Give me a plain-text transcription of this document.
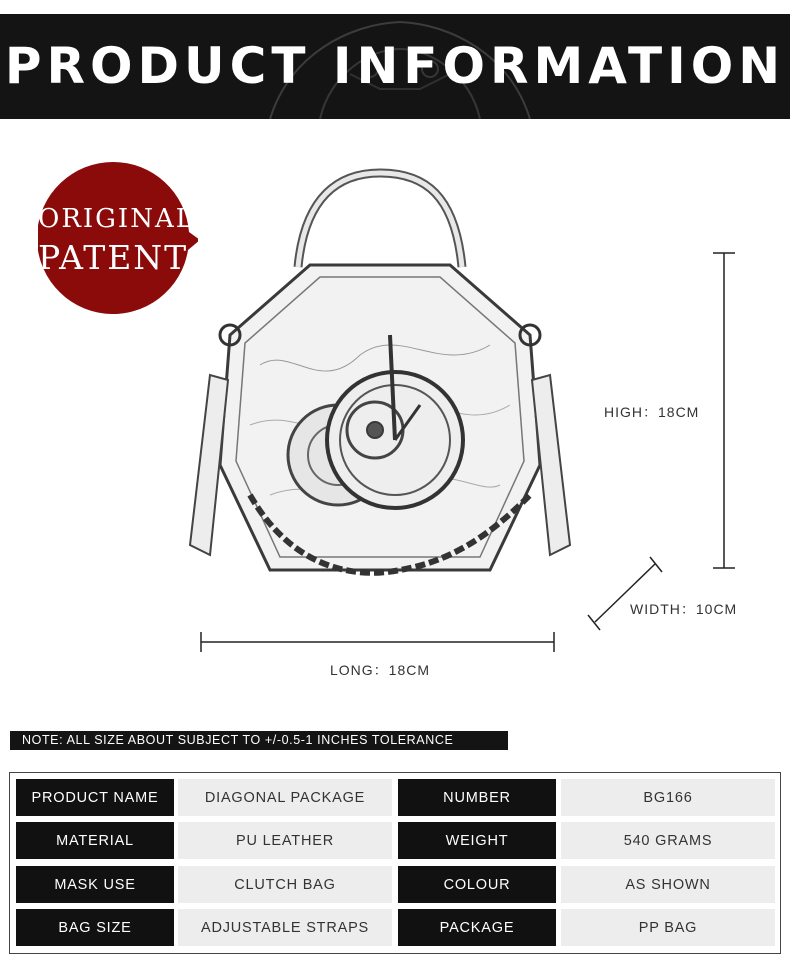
PRODUCT INFORMATION
ORIGINAL
PATENT
HIGH：18CM
WIDTH：10CM
LONG：18CM
NOTE: ALL SIZE ABOUT SUBJECT TO +/-0.5-1 INCHES TOLERANCE
PRODUCT NAME	DIAGONAL PACKAGE	NUMBER	BG166
MATERIAL	PU LEATHER	WEIGHT	540 GRAMS
MASK USE	CLUTCH BAG	COLOUR	AS SHOWN
BAG SIZE	ADJUSTABLE STRAPS	PACKAGE	PP BAG
